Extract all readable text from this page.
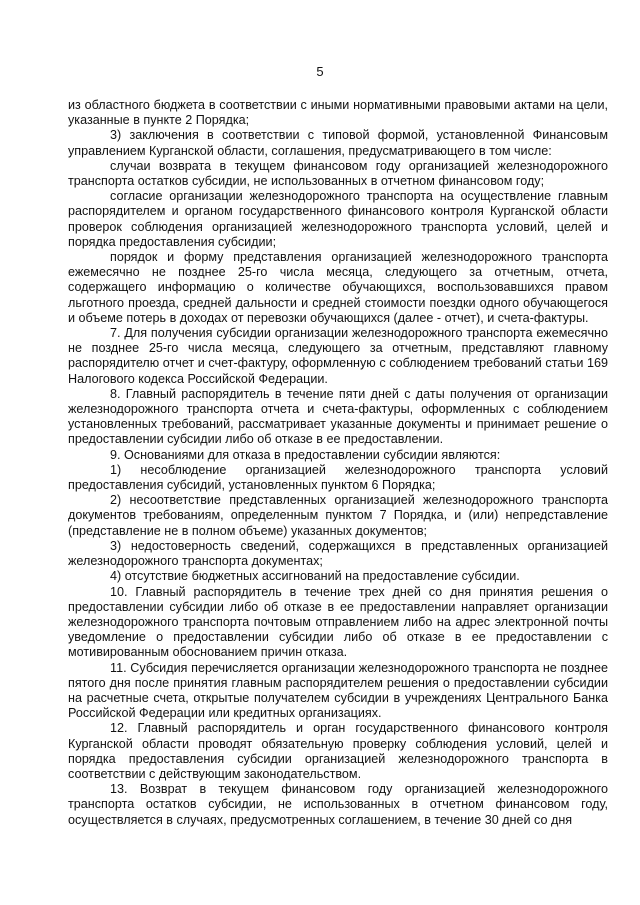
5

из областного бюджета в соответствии с иными нормативными правовыми актами на цели, указанные в пункте 2 Порядка;

3) заключения в соответствии с типовой формой, установленной Финансовым управлением Курганской области, соглашения, предусматривающего в том числе:

случаи возврата в текущем финансовом году организацией железнодорожного транспорта остатков субсидии, не использованных в отчетном финансовом году;

согласие организации железнодорожного транспорта на осуществление главным распорядителем и органом государственного финансового контроля Курганской области проверок соблюдения организацией железнодорожного транспорта условий, целей и порядка предоставления субсидии;

порядок и форму представления организацией железнодорожного транспорта ежемесячно не позднее 25-го числа месяца, следующего за отчетным, отчета, содержащего информацию о количестве обучающихся, воспользовавшихся правом льготного проезда, средней дальности и средней стоимости поездки одного обучающегося и объеме потерь в доходах от перевозки обучающихся (далее - отчет), и счета-фактуры.

7. Для получения субсидии организации железнодорожного транспорта ежемесячно не позднее 25-го числа месяца, следующего за отчетным, представляют главному распорядителю отчет и счет-фактуру, оформленную с соблюдением требований статьи 169 Налогового кодекса Российской Федерации.

8. Главный распорядитель в течение пяти дней с даты получения от организации железнодорожного транспорта отчета и счета-фактуры, оформленных с соблюдением установленных требований, рассматривает указанные документы и принимает решение о предоставлении субсидии либо об отказе в ее предоставлении.

9. Основаниями для отказа в предоставлении субсидии являются:

1) несоблюдение организацией железнодорожного транспорта условий предоставления субсидий, установленных пунктом 6 Порядка;

2) несоответствие представленных организацией железнодорожного транспорта документов требованиям, определенным пунктом 7 Порядка, и (или) непредставление (представление не в полном объеме) указанных документов;

3) недостоверность сведений, содержащихся в представленных организацией железнодорожного транспорта документах;

4) отсутствие бюджетных ассигнований на предоставление субсидии.

10. Главный распорядитель в течение трех дней со дня принятия решения о предоставлении субсидии либо об отказе в ее предоставлении направляет организации железнодорожного транспорта почтовым отправлением либо на адрес электронной почты уведомление о предоставлении субсидии либо об отказе в ее предоставлении с мотивированным обоснованием причин отказа.

11. Субсидия перечисляется организации железнодорожного транспорта не позднее пятого дня после принятия главным распорядителем решения о предоставлении субсидии на расчетные счета, открытые получателем субсидии в учреждениях Центрального Банка Российской Федерации или кредитных организациях.

12. Главный распорядитель и орган государственного финансового контроля Курганской области проводят обязательную проверку соблюдения условий, целей и порядка предоставления субсидии организацией железнодорожного транспорта в соответствии с действующим законодательством.

13. Возврат в текущем финансовом году организацией железнодорожного транспорта остатков субсидии, не использованных в отчетном финансовом году, осуществляется в случаях, предусмотренных соглашением, в течение 30 дней со дня
